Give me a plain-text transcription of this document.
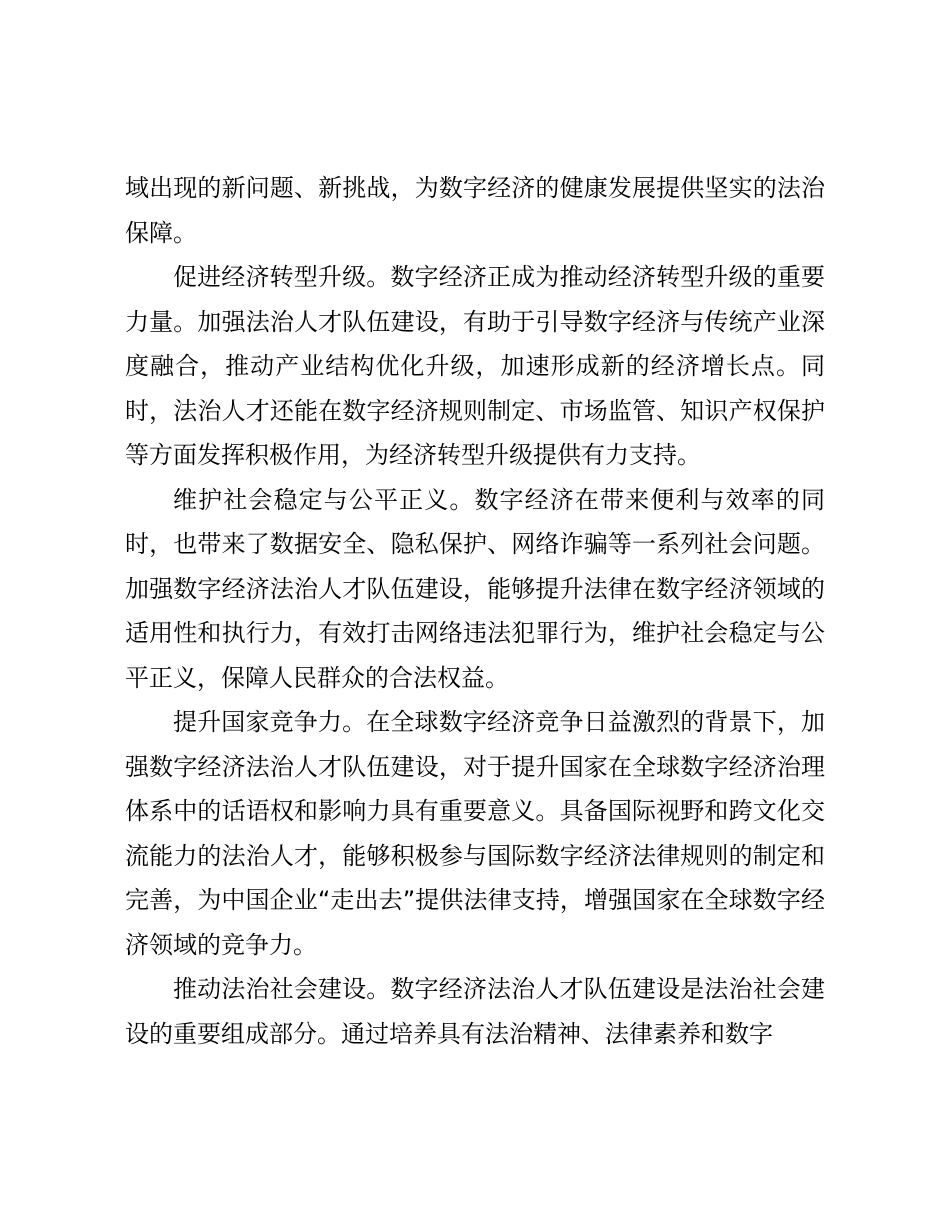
域出现的新问题、新挑战，为数字经济的健康发展提供坚实的法治保障。

促进经济转型升级。数字经济正成为推动经济转型升级的重要力量。加强法治人才队伍建设，有助于引导数字经济与传统产业深度融合，推动产业结构优化升级，加速形成新的经济增长点。同时，法治人才还能在数字经济规则制定、市场监管、知识产权保护等方面发挥积极作用，为经济转型升级提供有力支持。

维护社会稳定与公平正义。数字经济在带来便利与效率的同时，也带来了数据安全、隐私保护、网络诈骗等一系列社会问题。加强数字经济法治人才队伍建设，能够提升法律在数字经济领域的适用性和执行力，有效打击网络违法犯罪行为，维护社会稳定与公平正义，保障人民群众的合法权益。

提升国家竞争力。在全球数字经济竞争日益激烈的背景下，加强数字经济法治人才队伍建设，对于提升国家在全球数字经济治理体系中的话语权和影响力具有重要意义。具备国际视野和跨文化交流能力的法治人才，能够积极参与国际数字经济法律规则的制定和完善，为中国企业“走出去”提供法律支持，增强国家在全球数字经济领域的竞争力。

推动法治社会建设。数字经济法治人才队伍建设是法治社会建设的重要组成部分。通过培养具有法治精神、法律素养和数字
